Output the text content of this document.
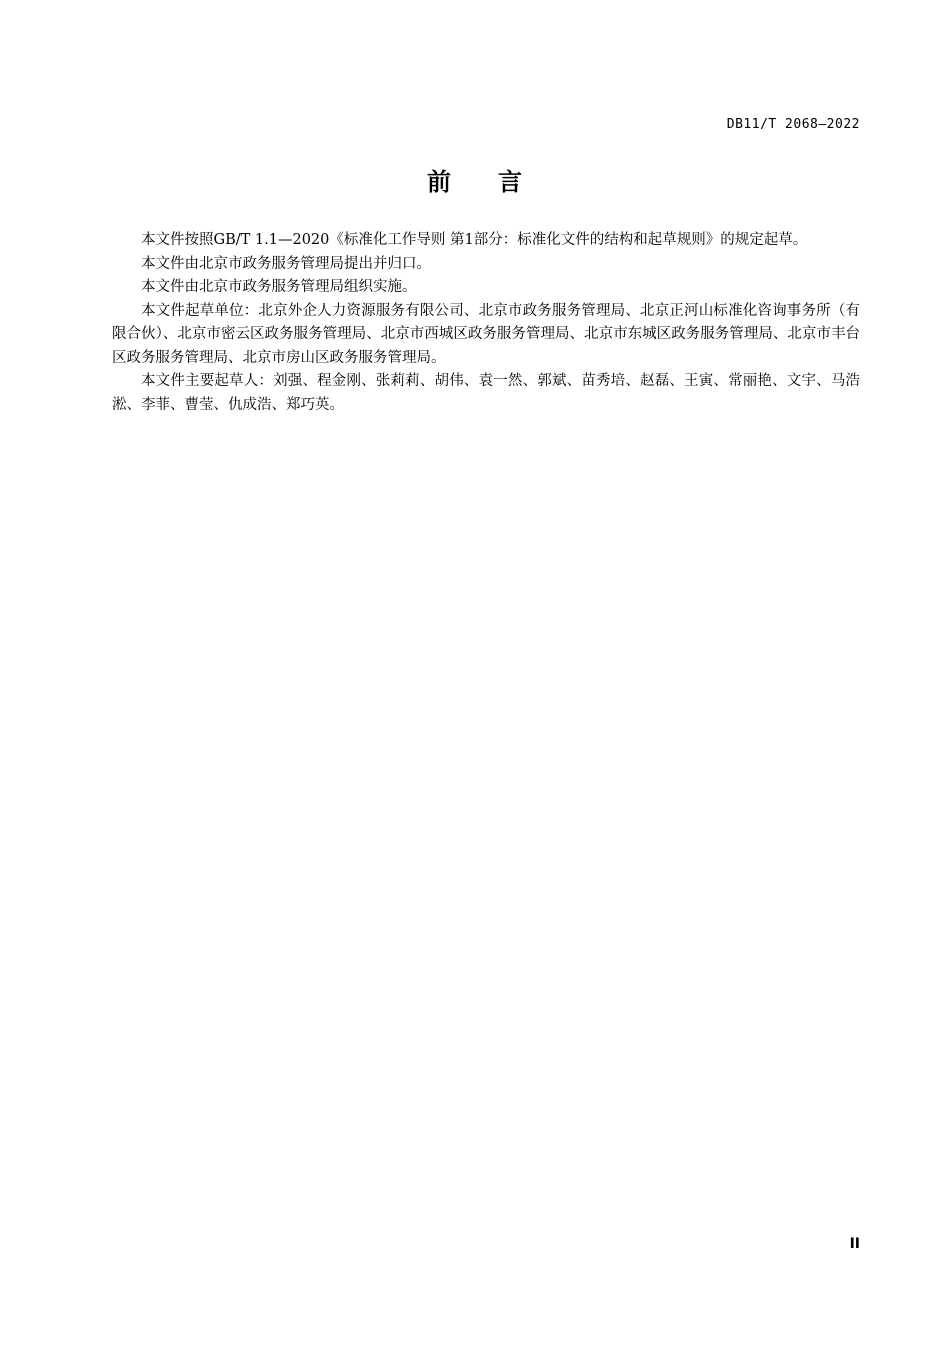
DB11/T 2068—2022
前 言

本文件按照GB/T 1.1—2020《标准化工作导则 第1部分：标准化文件的结构和起草规则》的规定起草。

本文件由北京市政务服务管理局提出并归口。

本文件由北京市政务服务管理局组织实施。

本文件起草单位：北京外企人力资源服务有限公司、北京市政务服务管理局、北京正河山标准化咨询事务所（有限合伙）、北京市密云区政务服务管理局、北京市西城区政务服务管理局、北京市东城区政务服务管理局、北京市丰台区政务服务管理局、北京市房山区政务服务管理局。

本文件主要起草人：刘强、程金刚、张莉莉、胡伟、袁一然、郭斌、苗秀培、赵磊、王寅、常丽艳、文宇、马浩淞、李菲、曹莹、仇成浩、郑巧英。

II
